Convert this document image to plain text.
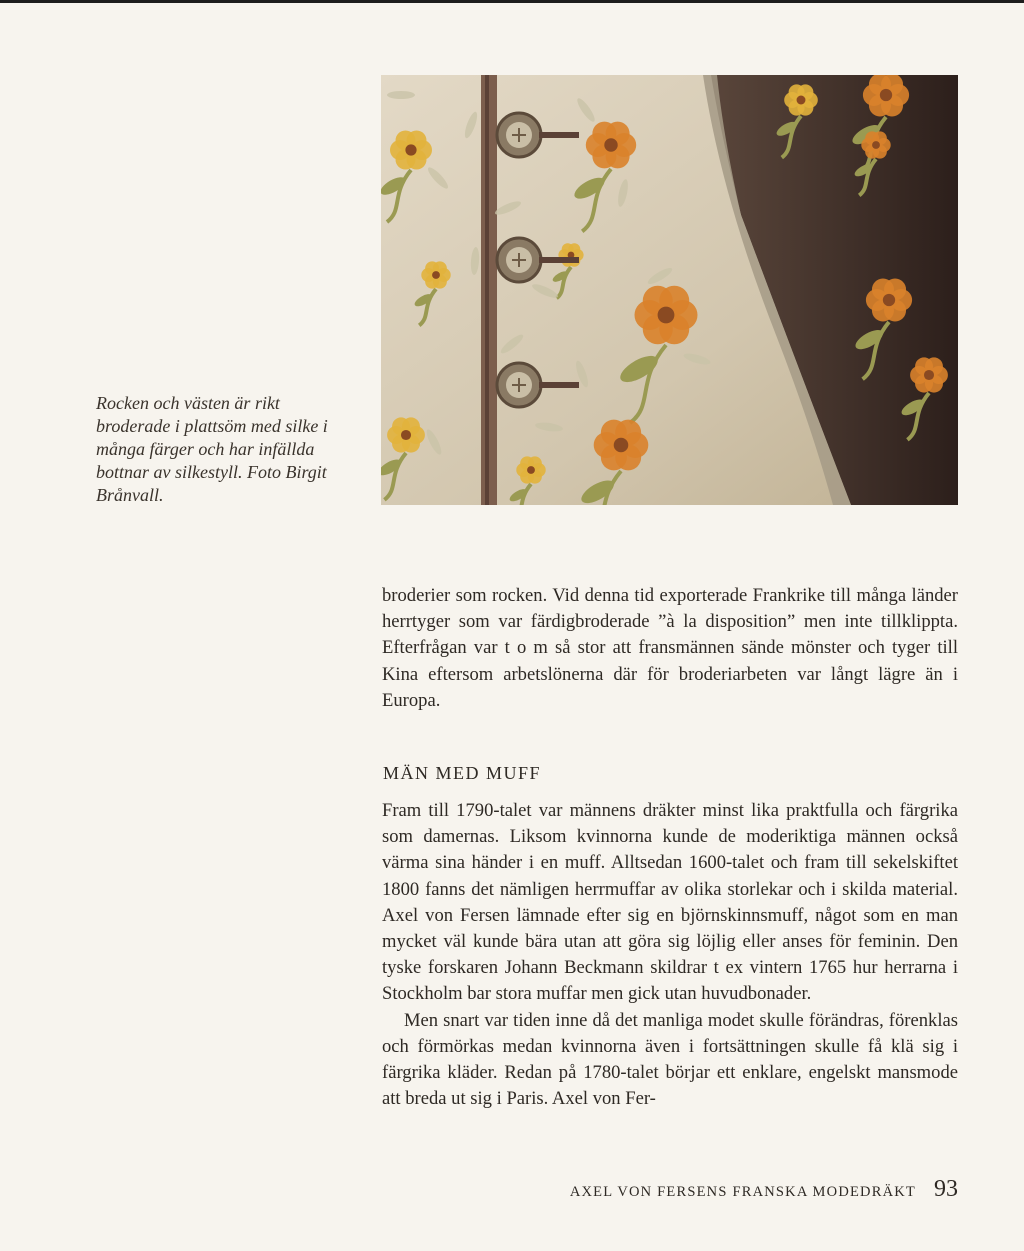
Rocken och västen är rikt broderade i plattsöm med silke i många färger och har infällda bottnar av silkestyll. Foto Birgit Brånvall.

broderier som rocken. Vid denna tid exporterade Frankrike till många länder herrtyger som var färdigbroderade ”à la disposition” men inte tillklippta. Efterfrågan var t o m så stor att fransmännen sände mönster och tyger till Kina eftersom arbetslönerna där för broderiarbeten var långt lägre än i Europa.

MÄN MED MUFF

Fram till 1790-talet var männens dräkter minst lika praktfulla och färgrika som damernas. Liksom kvinnorna kunde de moderiktiga männen också värma sina händer i en muff. Alltsedan 1600-talet och fram till sekelskiftet 1800 fanns det nämligen herrmuffar av olika storlekar och i skilda material. Axel von Fersen lämnade efter sig en björnskinnsmuff, något som en man mycket väl kunde bära utan att göra sig löjlig eller anses för feminin. Den tyske forskaren Johann Beckmann skildrar t ex vintern 1765 hur herrarna i Stockholm bar stora muffar men gick utan huvudbonader.

Men snart var tiden inne då det manliga modet skulle förändras, förenklas och förmörkas medan kvinnorna även i fortsättningen skulle få klä sig i färgrika kläder. Redan på 1780-talet börjar ett enklare, engelskt mansmode att breda ut sig i Paris. Axel von Fer-

AXEL VON FERSENS FRANSKA MODEDRÄKT 93
